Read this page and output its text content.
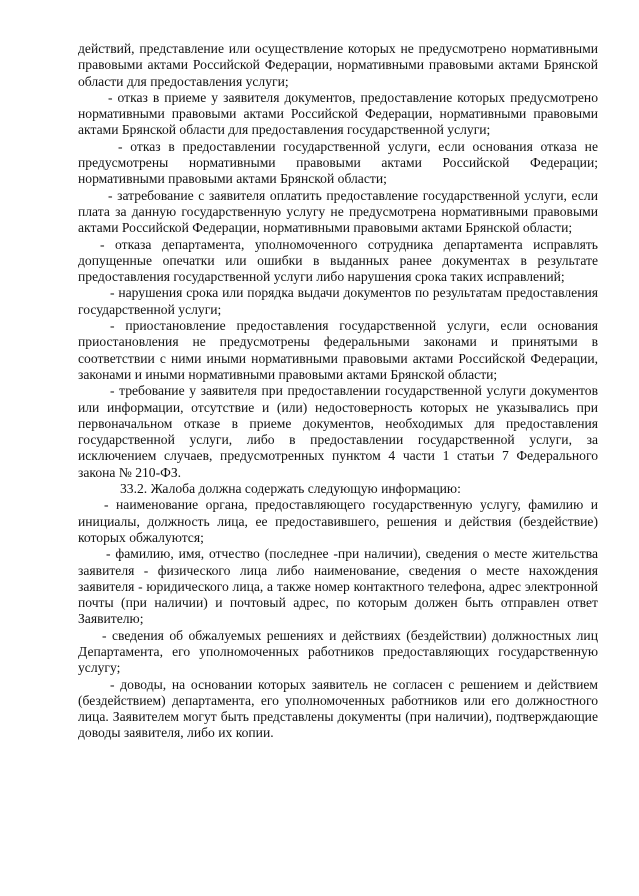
действий, представление или осуществление которых не предусмотрено нормативными правовыми актами Российской Федерации, нормативными правовыми актами Брянской области для предоставления услуги;

- отказ в приеме у заявителя документов, предоставление которых предусмотрено нормативными правовыми актами Российской Федерации, нормативными правовыми актами Брянской области для предоставления государственной услуги;

- отказ в предоставлении государственной услуги, если основания отказа не предусмотрены нормативными правовыми актами Российской Федерации; нормативными правовыми актами Брянской области;

- затребование с заявителя оплатить предоставление государственной услуги, если плата за данную государственную услугу не предусмотрена нормативными правовыми актами Российской Федерации, нормативными правовыми актами Брянской области;

- отказа департамента, уполномоченного сотрудника департамента исправлять допущенные опечатки или ошибки в выданных ранее документах в результате предоставления государственной услуги либо нарушения срока таких исправлений;

- нарушения срока или порядка выдачи документов по результатам предоставления государственной услуги;

- приостановление предоставления государственной услуги, если основания приостановления не предусмотрены федеральными законами и принятыми в соответствии с ними иными нормативными правовыми актами Российской Федерации, законами и иными нормативными правовыми актами Брянской области;

- требование у заявителя при предоставлении государственной услуги документов или информации, отсутствие и (или) недостоверность которых не указывались при первоначальном отказе в приеме документов, необходимых для предоставления государственной услуги, либо в предоставлении государственной услуги, за исключением случаев, предусмотренных пунктом 4 части 1 статьи 7 Федерального закона № 210-ФЗ.

33.2. Жалоба должна содержать следующую информацию:

- наименование органа, предоставляющего государственную услугу, фамилию и инициалы, должность лица, ее предоставившего, решения и действия (бездействие) которых обжалуются;

- фамилию, имя, отчество (последнее -при наличии), сведения о месте жительства заявителя - физического лица либо наименование, сведения о месте нахождения заявителя - юридического лица, а также номер контактного телефона, адрес электронной почты (при наличии) и почтовый адрес, по которым должен быть отправлен ответ Заявителю;

- сведения об обжалуемых решениях и действиях (бездействии) должностных лиц Департамента, его уполномоченных работников предоставляющих государственную услугу;

- доводы, на основании которых заявитель не согласен с решением и действием (бездействием) департамента, его уполномоченных работников или его должностного лица. Заявителем могут быть представлены документы (при наличии), подтверждающие доводы заявителя, либо их копии.
